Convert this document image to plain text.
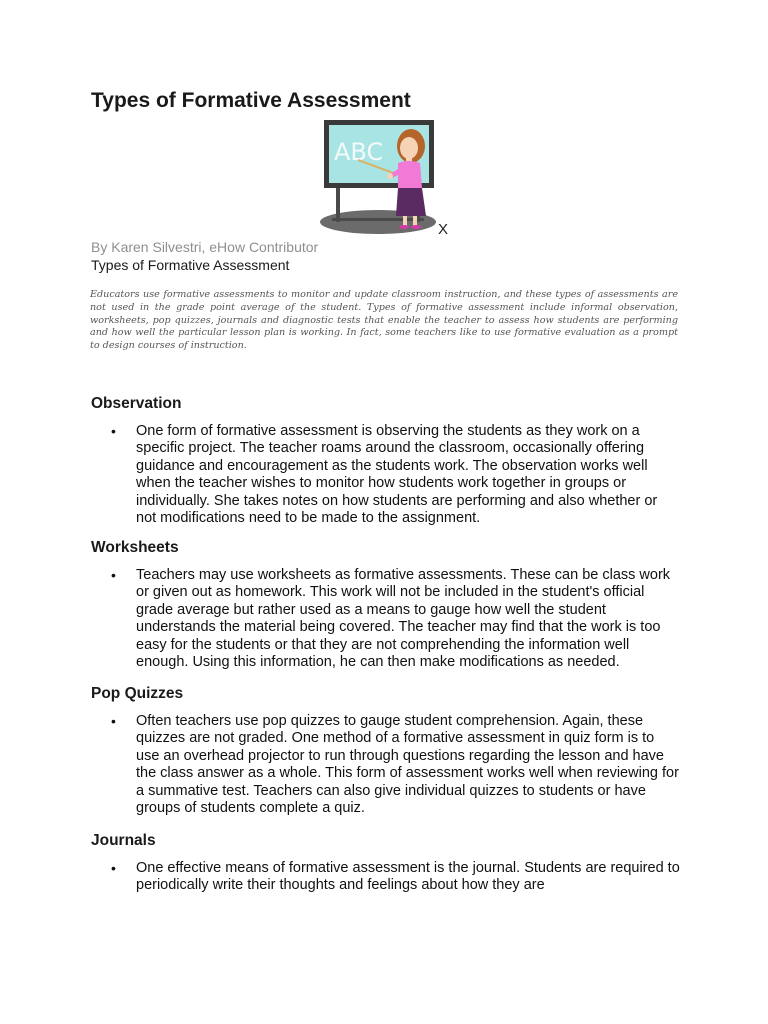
Types of Formative Assessment
ABC
X
By Karen Silvestri, eHow Contributor
Types of Formative Assessment

Educators use formative assessments to monitor and update classroom instruction, and these types of assessments are not used in the grade point average of the student. Types of formative assessment include informal observation, worksheets, pop quizzes, journals and diagnostic tests that enable the teacher to assess how students are performing and how well the particular lesson plan is working. In fact, some teachers like to use formative evaluation as a prompt to design courses of instruction.

Observation
• One form of formative assessment is observing the students as they work on a specific project. The teacher roams around the classroom, occasionally offering guidance and encouragement as the students work. The observation works well when the teacher wishes to monitor how students work together in groups or individually. She takes notes on how students are performing and also whether or not modifications need to be made to the assignment.
Worksheets
• Teachers may use worksheets as formative assessments. These can be class work or given out as homework. This work will not be included in the student's official grade average but rather used as a means to gauge how well the student understands the material being covered. The teacher may find that the work is too easy for the students or that they are not comprehending the information well enough. Using this information, he can then make modifications as needed.
Pop Quizzes
• Often teachers use pop quizzes to gauge student comprehension. Again, these quizzes are not graded. One method of a formative assessment in quiz form is to use an overhead projector to run through questions regarding the lesson and have the class answer as a whole. This form of assessment works well when reviewing for a summative test. Teachers can also give individual quizzes to students or have groups of students complete a quiz.
Journals
• One effective means of formative assessment is the journal. Students are required to periodically write their thoughts and feelings about how they are
